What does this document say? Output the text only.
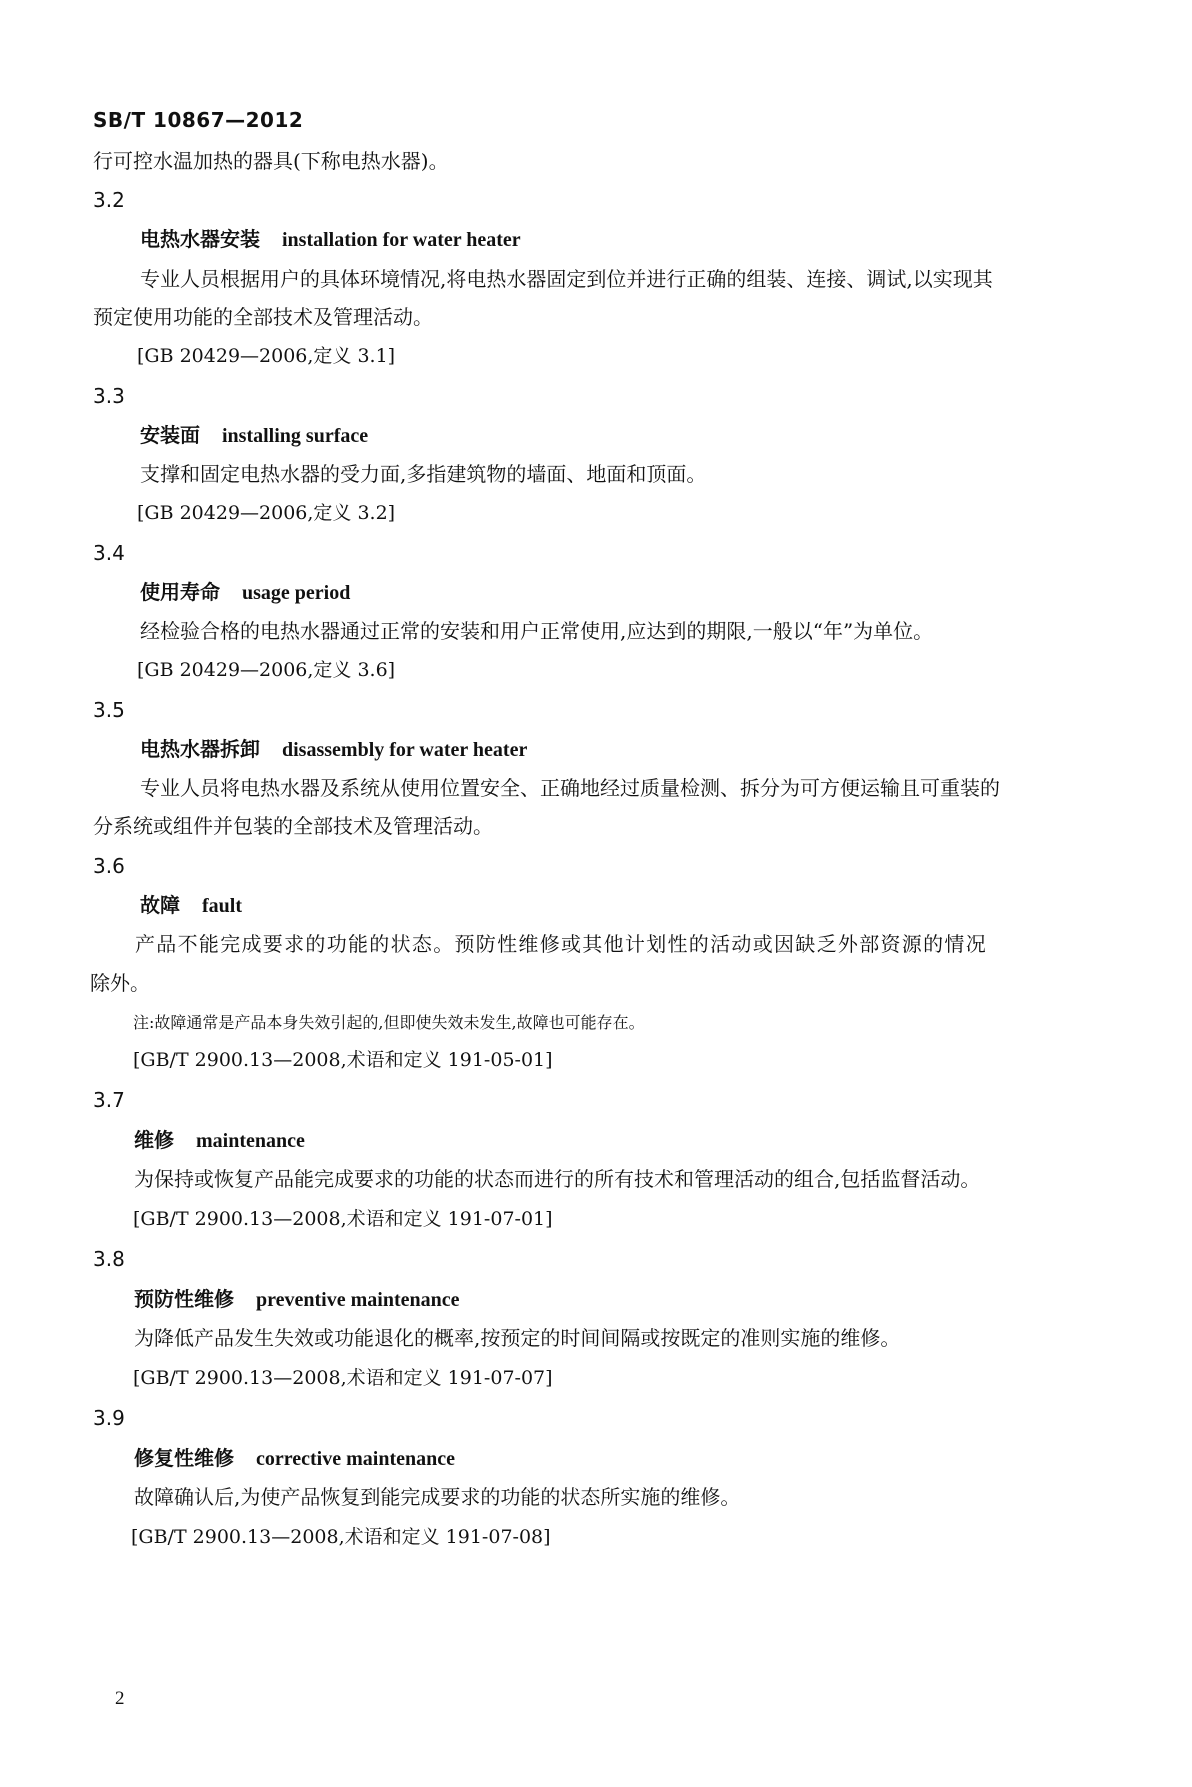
SB/T 10867—2012
行可控水温加热的器具(下称电热水器)。
3.2
电热水器安装 installation for water heater
专业人员根据用户的具体环境情况,将电热水器固定到位并进行正确的组装、连接、调试,以实现其
预定使用功能的全部技术及管理活动。
[GB 20429—2006,定义 3.1]
3.3
安装面 installing surface
支撑和固定电热水器的受力面,多指建筑物的墙面、地面和顶面。
[GB 20429—2006,定义 3.2]
3.4
使用寿命 usage period
经检验合格的电热水器通过正常的安装和用户正常使用,应达到的期限,一般以“年”为单位。
[GB 20429—2006,定义 3.6]
3.5
电热水器拆卸 disassembly for water heater
专业人员将电热水器及系统从使用位置安全、正确地经过质量检测、拆分为可方便运输且可重装的
分系统或组件并包装的全部技术及管理活动。
3.6
故障 fault
产品不能完成要求的功能的状态。预防性维修或其他计划性的活动或因缺乏外部资源的情况
除外。
注:故障通常是产品本身失效引起的,但即使失效未发生,故障也可能存在。
[GB/T 2900.13—2008,术语和定义 191-05-01]
3.7
维修 maintenance
为保持或恢复产品能完成要求的功能的状态而进行的所有技术和管理活动的组合,包括监督活动。
[GB/T 2900.13—2008,术语和定义 191-07-01]
3.8
预防性维修 preventive maintenance
为降低产品发生失效或功能退化的概率,按预定的时间间隔或按既定的准则实施的维修。
[GB/T 2900.13—2008,术语和定义 191-07-07]
3.9
修复性维修 corrective maintenance
故障确认后,为使产品恢复到能完成要求的功能的状态所实施的维修。
[GB/T 2900.13—2008,术语和定义 191-07-08]
2
